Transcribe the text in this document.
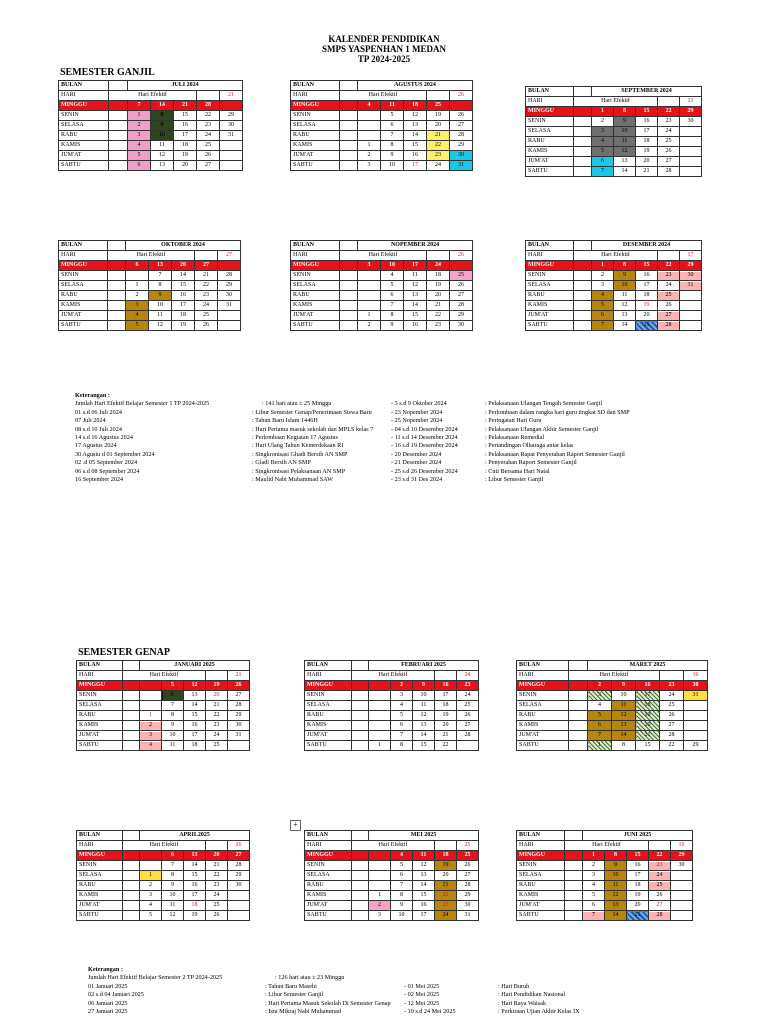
KALENDER PENDIDIKAN
SMPS YASPENHAN 1 MEDAN
TP 2024-2025
SEMESTER GANJIL
SEMESTER GENAP
BULAN		JULI 2024				
HARI	Hari Efektif					21
MINGGU		7	14	21	28	
SENIN		1	8	15	22	29
SELASA		2	9	16	23	30
RABU		3	10	17	24	31
KAMIS		4	11	18	25	
JUM'AT		5	12	19	26	
SABTU		6	13	20	27	
BULAN		AGUSTUS 2024				
HARI	Hari Efektif					26
MINGGU		4	11	18	25	
SENIN			5	12	19	26
SELASA			6	13	20	27
RABU			7	14	21	28
KAMIS		1	8	15	22	29
JUM'AT		2	9	16	23	30
SABTU		3	10	17	24	31
BULAN		SEPTEMBER 2024				
HARI	Hari Efektif					21
MINGGU		1	8	15	22	29
SENIN		2	9	16	23	30
SELASA		3	10	17	24	
RABU		4	11	18	25	
KAMIS		5	12	19	26	
JUM'AT		6	13	20	27	
SABTU		7	14	21	28	
BULAN		OKTOBER 2024				
HARI	Hari Efektif					27
MINGGU		6	13	20	27	
SENIN			7	14	21	28
SELASA		1	8	15	22	29
RABU		2	9	16	23	30
KAMIS		3	10	17	24	31
JUM'AT		4	11	18	25	
SABTU		5	12	19	26	
BULAN		NOPEMBER 2024				
HARI	Hari Efektif					26
MINGGU		3	10	17	24	
SENIN			4	11	18	25
SELASA			5	12	19	26
RABU			6	13	20	27
KAMIS			7	14	21	28
JUM'AT		1	8	15	22	29
SABTU		2	9	16	23	30
BULAN		DESEMBER 2024				
HARI	Hari Efektif					17
MINGGU		1	8	15	22	29
SENIN		2	9	16	23	30
SELASA		3	10	17	24	31
RABU		4	11	18	25	
KAMIS		5	12	19	26	
JUM'AT		6	13	20	27	
SABTU		7	14	21	28	
BULAN		JANUARI 2025				
HARI	Hari Efektif					21
MINGGU			5	12	19	26
SENIN			6	13	20	27
SELASA			7	14	21	28
RABU		1	8	15	22	29
KAMIS		2	9	16	23	30
JUM'AT		3	10	17	24	31
SABTU		4	11	18	25	
BULAN		FEBRUARI 2025				
HARI	Hari Efektif					24
MINGGU			2	9	16	23
SENIN			3	10	17	24
SELASA			4	11	18	25
RABU			5	12	19	26
KAMIS			6	13	20	27
JUM'AT			7	14	21	28
SABTU		1	8	15	22	
BULAN		MARET 2025				
HARI	Hari Efektif					16
MINGGU		2	9	16	23	30
SENIN		3	10	17	24	31
SELASA		4	11	18	25	
RABU		5	12	19	26	
KAMIS		6	13	20	27	
JUM'AT		7	14	21	28	
SABTU		1	8	15	22	29
BULAN		APRIL2025				
HARI	Hari Efektif					26
MINGGU			6	13	20	27
SENIN			7	14	21	28
SELASA		1	8	15	22	29
RABU		2	9	16	23	30
KAMIS		3	10	17	24	
JUM'AT		4	11	18	25	
SABTU		5	12	19	26	
BULAN		MEI 2025				
HARI	Hari Efektif					25
MINGGU			4	11	18	25
SENIN			5	12	19	26
SELASA			6	13	20	27
RABU			7	14	21	28
KAMIS		1	8	15	22	29
JUM'AT		2	9	16	23	30
SABTU		3	10	17	24	31
BULAN		JUNI 2025				
HARI	Hari Efektif					16
MINGGU		1	8	15	22	29
SENIN		2	9	16	23	30
SELASA		3	10	17	24	
RABU		4	11	18	25	
KAMIS		5	12	19	26	
JUM'AT		6	13	20	27	
SABTU		7	14	21	28	
+
Keterangan :
Jumlah Hari Efektif Belajar Semester 1 TP 2024-2025	: 141 hari atau ± 25 Minggu	- 3 s.d 9 Oktober 2024	: Pelaksanaan Ulangan Tengah Semester Ganjil
01 s.d 06 Juli 2024	: Libur Semester Genap/Penerimaan Siswa Baru	- 23 Nopember 2024	: Perlombaan dalam rangka hari guru tingkat SD dan SMP
07 Juli 2024	: Tahun Baru Islam 1446H	- 25 Nopember 2024	: Peringatan Hari Guru
08 s.d 10 Juli 2024	: Hari Pertama masuk sekolah dan MPLS kelas 7	- 04 s.d 10 Desember 2024	: Pelaksanaan Ulangan Akhir Semester Ganjil
14 s.d 16 Agustus 2024	: Perlombaan Kegiatan 17 Agustus	- 11 s.d 14 Desember 2024	: Pelaksanaan Remedial
17 Agustus 2024	: Hari Ulang Tahun Kemerdekaan RI	- 16 s.d 19 Desember 2024	: Pertandingan Olharaga antar kelas
30 Agustu d 01 September 2024	: Singkronisasi Ghadi Bersih AN SMP	- 20 Desember 2024	: Pelaksanaan Rapat Penyerahan Raport Semester Ganjil
02 .d 05 September 2024	: Gladi Bersih AN SMP	- 21 Desember 2024	: Penyerahan Raport Semester Ganjil
06 s.d 08 September 2024	: Singkronisasi Pelaksanaan AN SMP	- 25 s.d 26 Desember 2024	: Cuti Bersama Hari Natal
16 September 2024	: Maulid Nabi Muhammad SAW	- 23 s.d 31 Des 2024	: Libur Semester Ganjil
Keterangan :
Jumlah Hari Efektif Belajar Semester 2 TP 2024-2025	: 126 hari atau ± 23 Minggu
01 Januari 2025	: Tahun Baru Masehi	- 01 Mei 2025	: Hari Buruh
02 s.d 04 Januari 2025	: Libur Semester Ganjil	- 02 Mei 2025	: Hari Pendidikan Nasional
06 Januari 2025	: Hari Pertama Masuk Sekolah Di Semester Genap - 12 Mei 2025	: Hari Raya Waisak
27 Januari 2025	: Isra Mikraj Nabi Muhammad	- 19 s.d 24 Mei 2025	: Perkiraan Ujian Akhir Kelas IX
